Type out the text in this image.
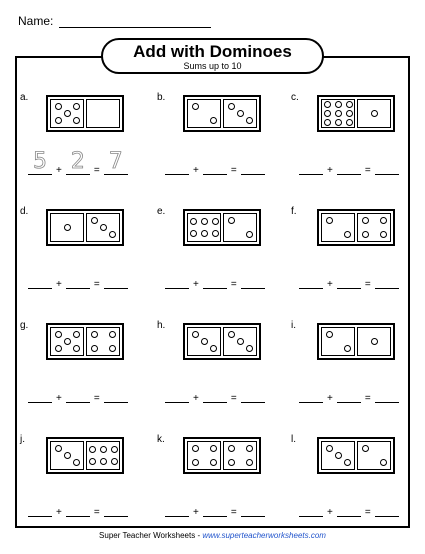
Name:
Add with Dominoes
Sums up to 10
a.
5 + 2 = 7
b.
+	=
c.
+	=
d.
+	=
e.
+	=
f.
+	=
g.
+	=
h.
+	=
i.
+	=
j.
+	=
k.
+	=
l.
+	=
Super Teacher Worksheets - www.superteacherworksheets.com
